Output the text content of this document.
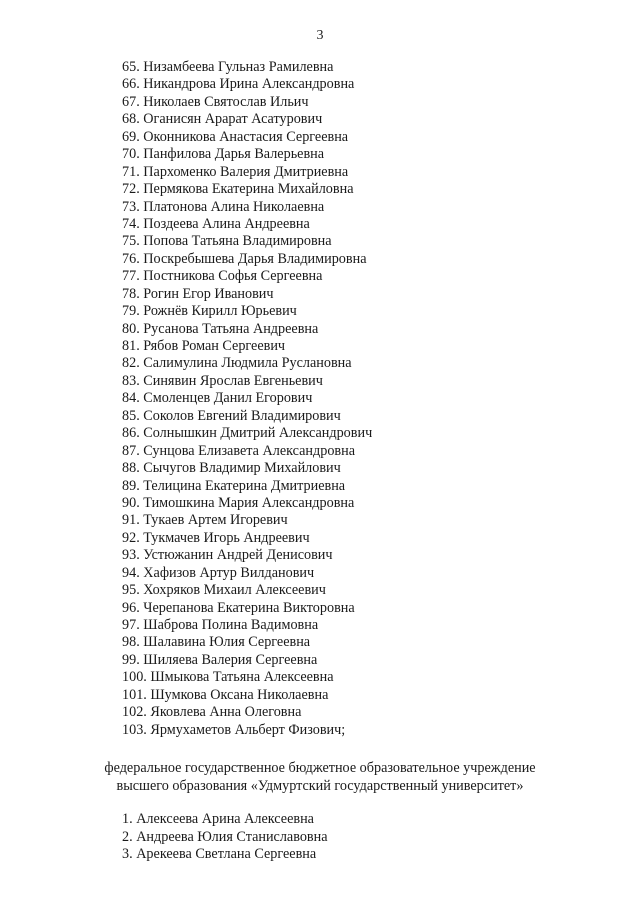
3
65. Низамбеева Гульназ Рамилевна
66. Никандрова Ирина Александровна
67. Николаев Святослав Ильич
68. Оганисян Арарат Асатурович
69. Оконникова Анастасия Сергеевна
70. Панфилова Дарья Валерьевна
71. Пархоменко Валерия Дмитриевна
72. Пермякова Екатерина Михайловна
73. Платонова Алина Николаевна
74. Поздеева Алина Андреевна
75. Попова Татьяна Владимировна
76. Поскребышева Дарья Владимировна
77. Постникова Софья Сергеевна
78. Рогин Егор Иванович
79. Рожнёв Кирилл Юрьевич
80. Русанова Татьяна Андреевна
81. Рябов Роман Сергеевич
82. Салимулина Людмила Руслановна
83. Синявин Ярослав Евгеньевич
84. Смоленцев Данил Егорович
85. Соколов Евгений Владимирович
86. Солнышкин Дмитрий Александрович
87. Сунцова Елизавета Александровна
88. Сычугов Владимир Михайлович
89. Телицина Екатерина Дмитриевна
90. Тимошкина Мария Александровна
91. Тукаев Артем Игоревич
92. Тукмачев Игорь Андреевич
93. Устюжанин Андрей Денисович
94. Хафизов Артур Вилданович
95. Хохряков Михаил Алексеевич
96. Черепанова Екатерина Викторовна
97. Шаброва Полина Вадимовна
98. Шалавина Юлия Сергеевна
99. Шиляева Валерия Сергеевна
100. Шмыкова Татьяна Алексеевна
101. Шумкова Оксана Николаевна
102. Яковлева Анна Олеговна
103. Ярмухаметов Альберт Физович;
федеральное государственное бюджетное образовательное учреждение
высшего образования «Удмуртский государственный университет»
1. Алексеева Арина Алексеевна
2. Андреева Юлия Станиславовна
3. Арекеева Светлана Сергеевна
